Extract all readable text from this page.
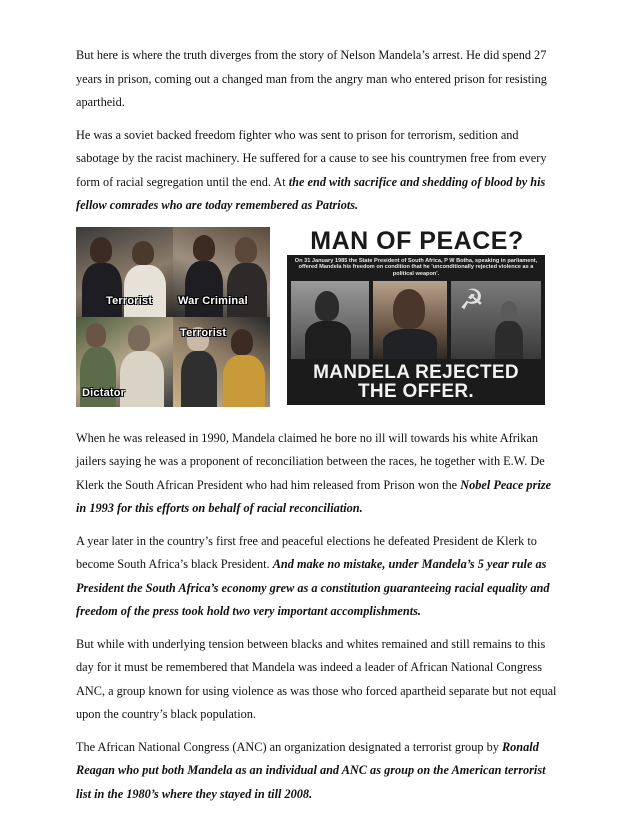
But here is where the truth diverges from the story of Nelson Mandela’s arrest. He did spend 27 years in prison, coming out a changed man from the angry man who entered prison for resisting apartheid.

He was a soviet backed freedom fighter who was sent to prison for terrorism, sedition and sabotage by the racist machinery. He suffered for a cause to see his countrymen free from every form of racial segregation until the end. At the end with sacrifice and shedding of blood by his fellow comrades who are today remembered as Patriots.

Terrorist War Criminal
Terrorist
Dictator
MAN OF PEACE?
On 31 January 1985 the State President of South Africa, P W Botha, speaking in parliament, offered Mandela his freedom on condition that he 'unconditionally rejected violence as a political weapon'.
☭
MANDELA REJECTED
THE OFFER.

When he was released in 1990, Mandela claimed he bore no ill will towards his white Afrikan jailers saying he was a proponent of reconciliation between the races, he together with E.W. De Klerk the South African President who had him released from Prison won the Nobel Peace prize in 1993 for this efforts on behalf of racial reconciliation.

A year later in the country’s first free and peaceful elections he defeated President de Klerk to become South Africa’s black President. And make no mistake, under Mandela’s 5 year rule as President the South Africa’s economy grew as a constitution guaranteeing racial equality and freedom of the press took hold two very important accomplishments.

But while with underlying tension between blacks and whites remained and still remains to this day for it must be remembered that Mandela was indeed a leader of African National Congress ANC, a group known for using violence as was those who forced apartheid separate but not equal upon the country’s black population.

The African National Congress (ANC) an organization designated a terrorist group by Ronald Reagan who put both Mandela as an individual and ANC as group on the American terrorist list in the 1980’s where they stayed in till 2008.
